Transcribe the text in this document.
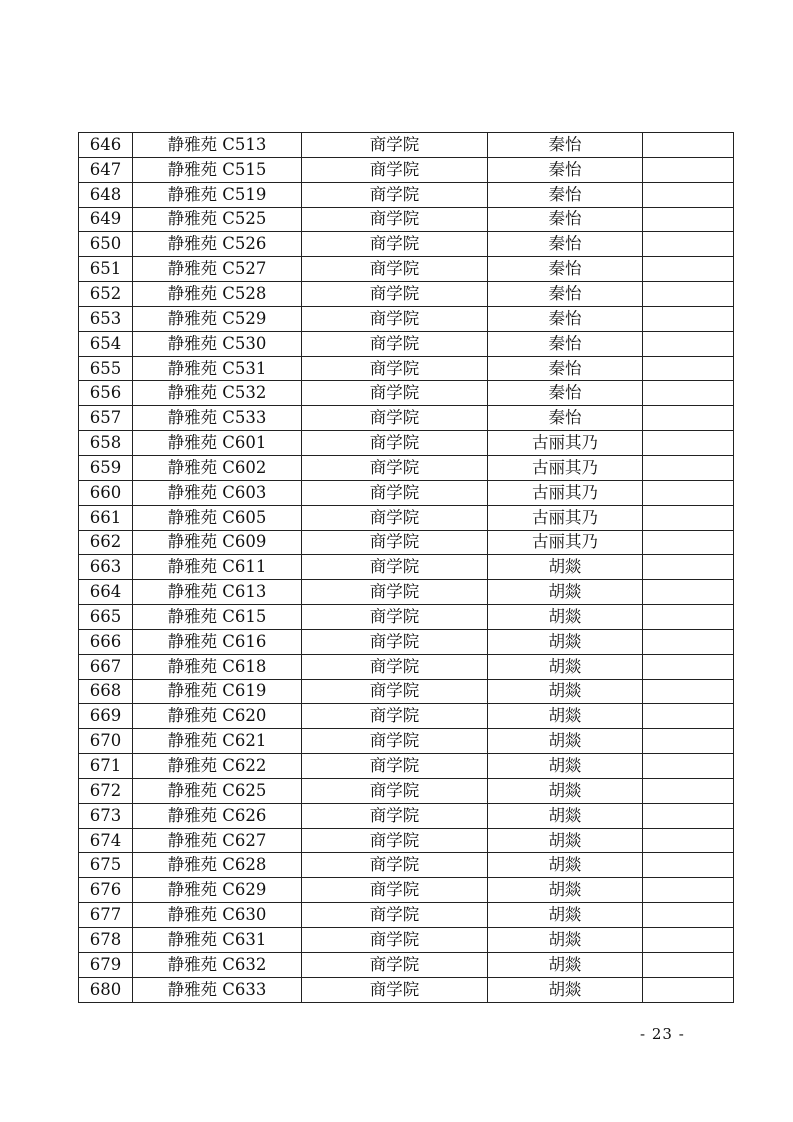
646	静雅苑 C513	商学院	秦怡	
647	静雅苑 C515	商学院	秦怡	
648	静雅苑 C519	商学院	秦怡	
649	静雅苑 C525	商学院	秦怡	
650	静雅苑 C526	商学院	秦怡	
651	静雅苑 C527	商学院	秦怡	
652	静雅苑 C528	商学院	秦怡	
653	静雅苑 C529	商学院	秦怡	
654	静雅苑 C530	商学院	秦怡	
655	静雅苑 C531	商学院	秦怡	
656	静雅苑 C532	商学院	秦怡	
657	静雅苑 C533	商学院	秦怡	
658	静雅苑 C601	商学院	古丽其乃	
659	静雅苑 C602	商学院	古丽其乃	
660	静雅苑 C603	商学院	古丽其乃	
661	静雅苑 C605	商学院	古丽其乃	
662	静雅苑 C609	商学院	古丽其乃	
663	静雅苑 C611	商学院	胡燚	
664	静雅苑 C613	商学院	胡燚	
665	静雅苑 C615	商学院	胡燚	
666	静雅苑 C616	商学院	胡燚	
667	静雅苑 C618	商学院	胡燚	
668	静雅苑 C619	商学院	胡燚	
669	静雅苑 C620	商学院	胡燚	
670	静雅苑 C621	商学院	胡燚	
671	静雅苑 C622	商学院	胡燚	
672	静雅苑 C625	商学院	胡燚	
673	静雅苑 C626	商学院	胡燚	
674	静雅苑 C627	商学院	胡燚	
675	静雅苑 C628	商学院	胡燚	
676	静雅苑 C629	商学院	胡燚	
677	静雅苑 C630	商学院	胡燚	
678	静雅苑 C631	商学院	胡燚	
679	静雅苑 C632	商学院	胡燚	
680	静雅苑 C633	商学院	胡燚	
- 23 -
